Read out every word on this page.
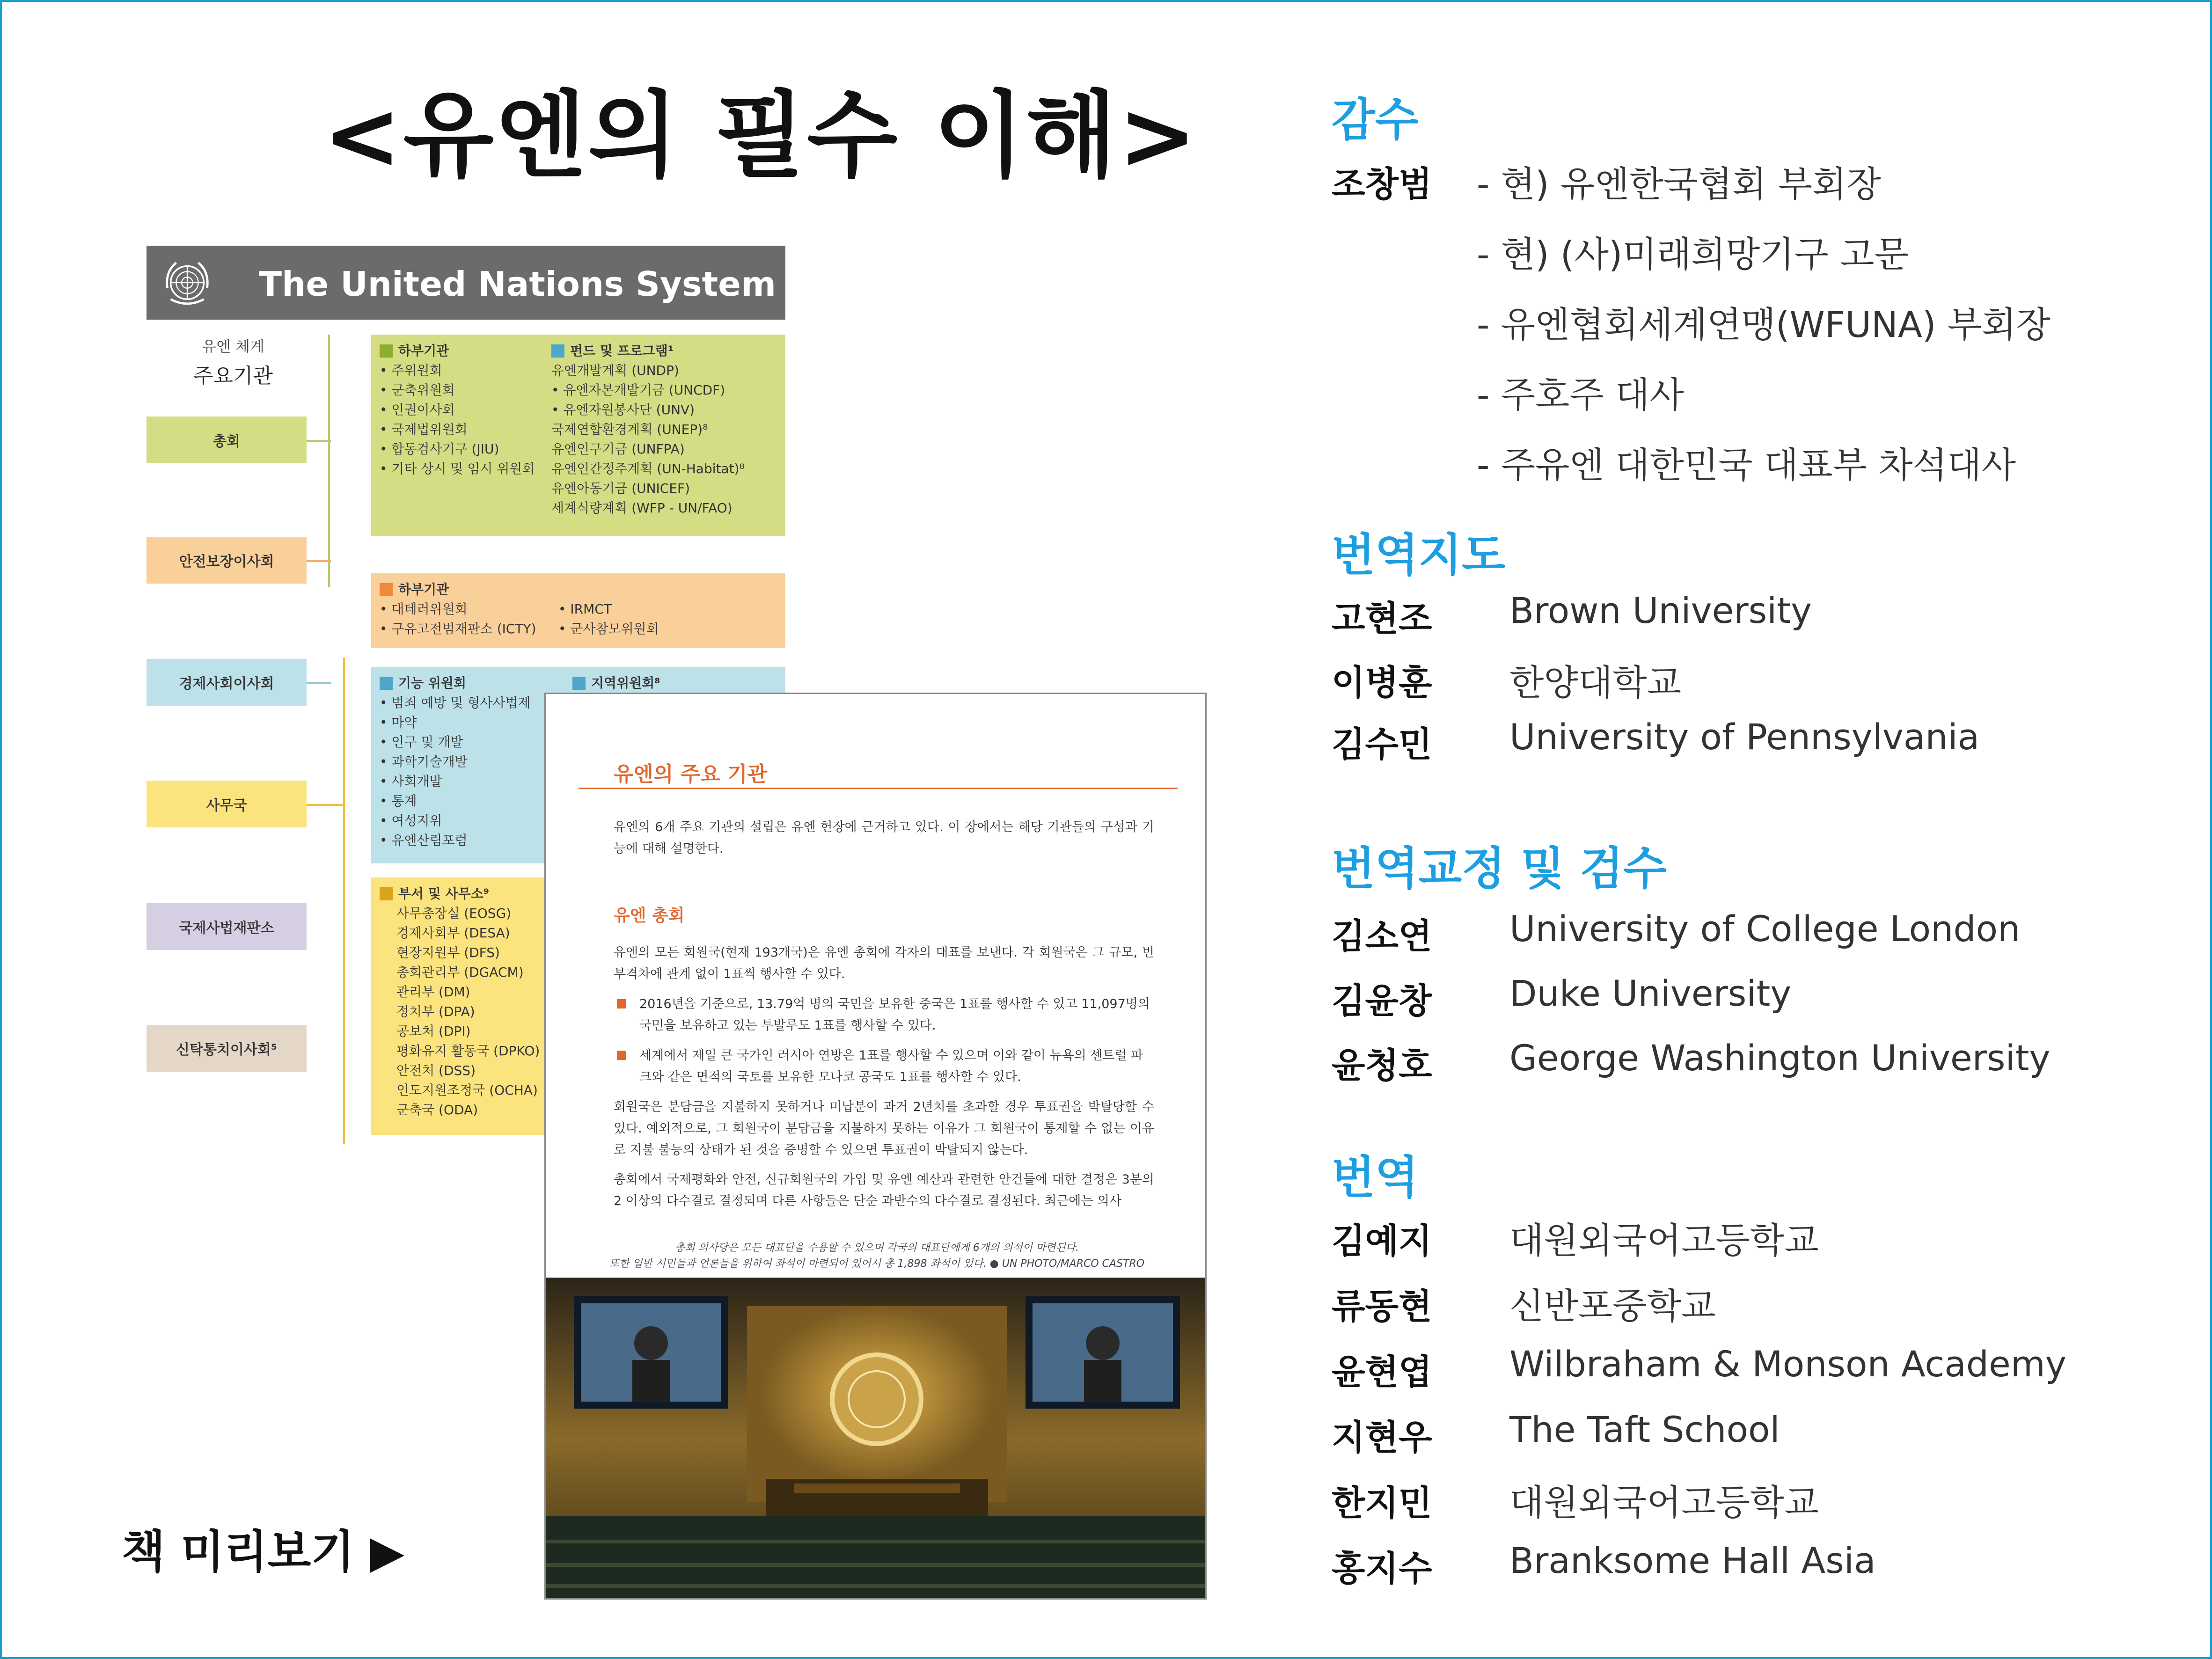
<유엔의 필수 이해>
The United Nations System
유엔 체계
주요기관
총회
안전보장이사회
경제사회이사회
사무국
국제사법재판소
신탁통치이사회⁵
하부기관
• 주위원회
• 군축위원회
• 인권이사회
• 국제법위원회
• 합동검사기구 (JIU)
• 기타 상시 및 임시 위원회
펀드 및 프로그램¹
유엔개발계획 (UNDP)
• 유엔자본개발기금 (UNCDF)
• 유엔자원봉사단 (UNV)
국제연합환경계획 (UNEP)⁸
유엔인구기금 (UNFPA)
유엔인간정주계획 (UN-Habitat)⁸
유엔아동기금 (UNICEF)
세계식량계획 (WFP - UN/FAO)
하부기관
• 대테러위원회
• 구유고전범재판소 (ICTY)
• IRMCT
• 군사참모위원회
기능 위원회
• 범죄 예방 및 형사사법제
• 마약
• 인구 및 개발
• 과학기술개발
• 사회개발
• 통계
• 여성지위
• 유엔산림포럼
지역위원회⁸
부서 및 사무소⁹
사무총장실 (EOSG)
경제사회부 (DESA)
현장지원부 (DFS)
총회관리부 (DGACM)
관리부 (DM)
정치부 (DPA)
공보처 (DPI)
평화유지 활동국 (DPKO)
안전처 (DSS)
인도지원조정국 (OCHA)
군축국 (ODA)
유엔의 주요 기관
유엔의 6개 주요 기관의 설립은 유엔 헌장에 근거하고 있다. 이 장에서는 해당 기관들의 구성과 기능에 대해 설명한다.
유엔 총회
유엔의 모든 회원국(현재 193개국)은 유엔 총회에 각자의 대표를 보낸다. 각 회원국은 그 규모, 빈부격차에 관계 없이 1표씩 행사할 수 있다.
2016년을 기준으로, 13.79억 명의 국민을 보유한 중국은 1표를 행사할 수 있고 11,097명의 국민을 보유하고 있는 투발루도 1표를 행사할 수 있다.
세계에서 제일 큰 국가인 러시아 연방은 1표를 행사할 수 있으며 이와 같이 뉴욕의 센트럴 파크와 같은 면적의 국토를 보유한 모나코 공국도 1표를 행사할 수 있다.
회원국은 분담금을 지불하지 못하거나 미납분이 과거 2년치를 초과할 경우 투표권을 박탈당할 수 있다. 예외적으로, 그 회원국이 분담금을 지불하지 못하는 이유가 그 회원국이 통제할 수 없는 이유로 지불 불능의 상태가 된 것을 증명할 수 있으면 투표권이 박탈되지 않는다.
총회에서 국제평화와 안전, 신규회원국의 가입 및 유엔 예산과 관련한 안건들에 대한 결정은 3분의 2 이상의 다수결로 결정되며 다른 사항들은 단순 과반수의 다수결로 결정된다. 최근에는 의사
총회 의사당은 모든 대표단을 수용할 수 있으며 각국의 대표단에게 6개의 의석이 마련된다.
또한 일반 시민들과 언론들을 위하여 좌석이 마련되어 있어서 총 1,898 좌석이 있다. ● UN PHOTO/MARCO CASTRO
책 미리보기 ▶
감수
조창범 - 현) 유엔한국협회 부회장
- 현) (사)미래희망기구 고문
- 유엔협회세계연맹(WFUNA) 부회장
- 주호주 대사
- 주유엔 대한민국 대표부 차석대사
번역지도
고현조 Brown University
이병훈 한양대학교
김수민 University of Pennsylvania
번역교정 및 검수
김소연 University of College London
김윤창 Duke University
윤청호 George Washington University
번역
김예지 대원외국어고등학교
류동현 신반포중학교
윤현엽 Wilbraham & Monson Academy
지현우 The Taft School
한지민 대원외국어고등학교
홍지수 Branksome Hall Asia
